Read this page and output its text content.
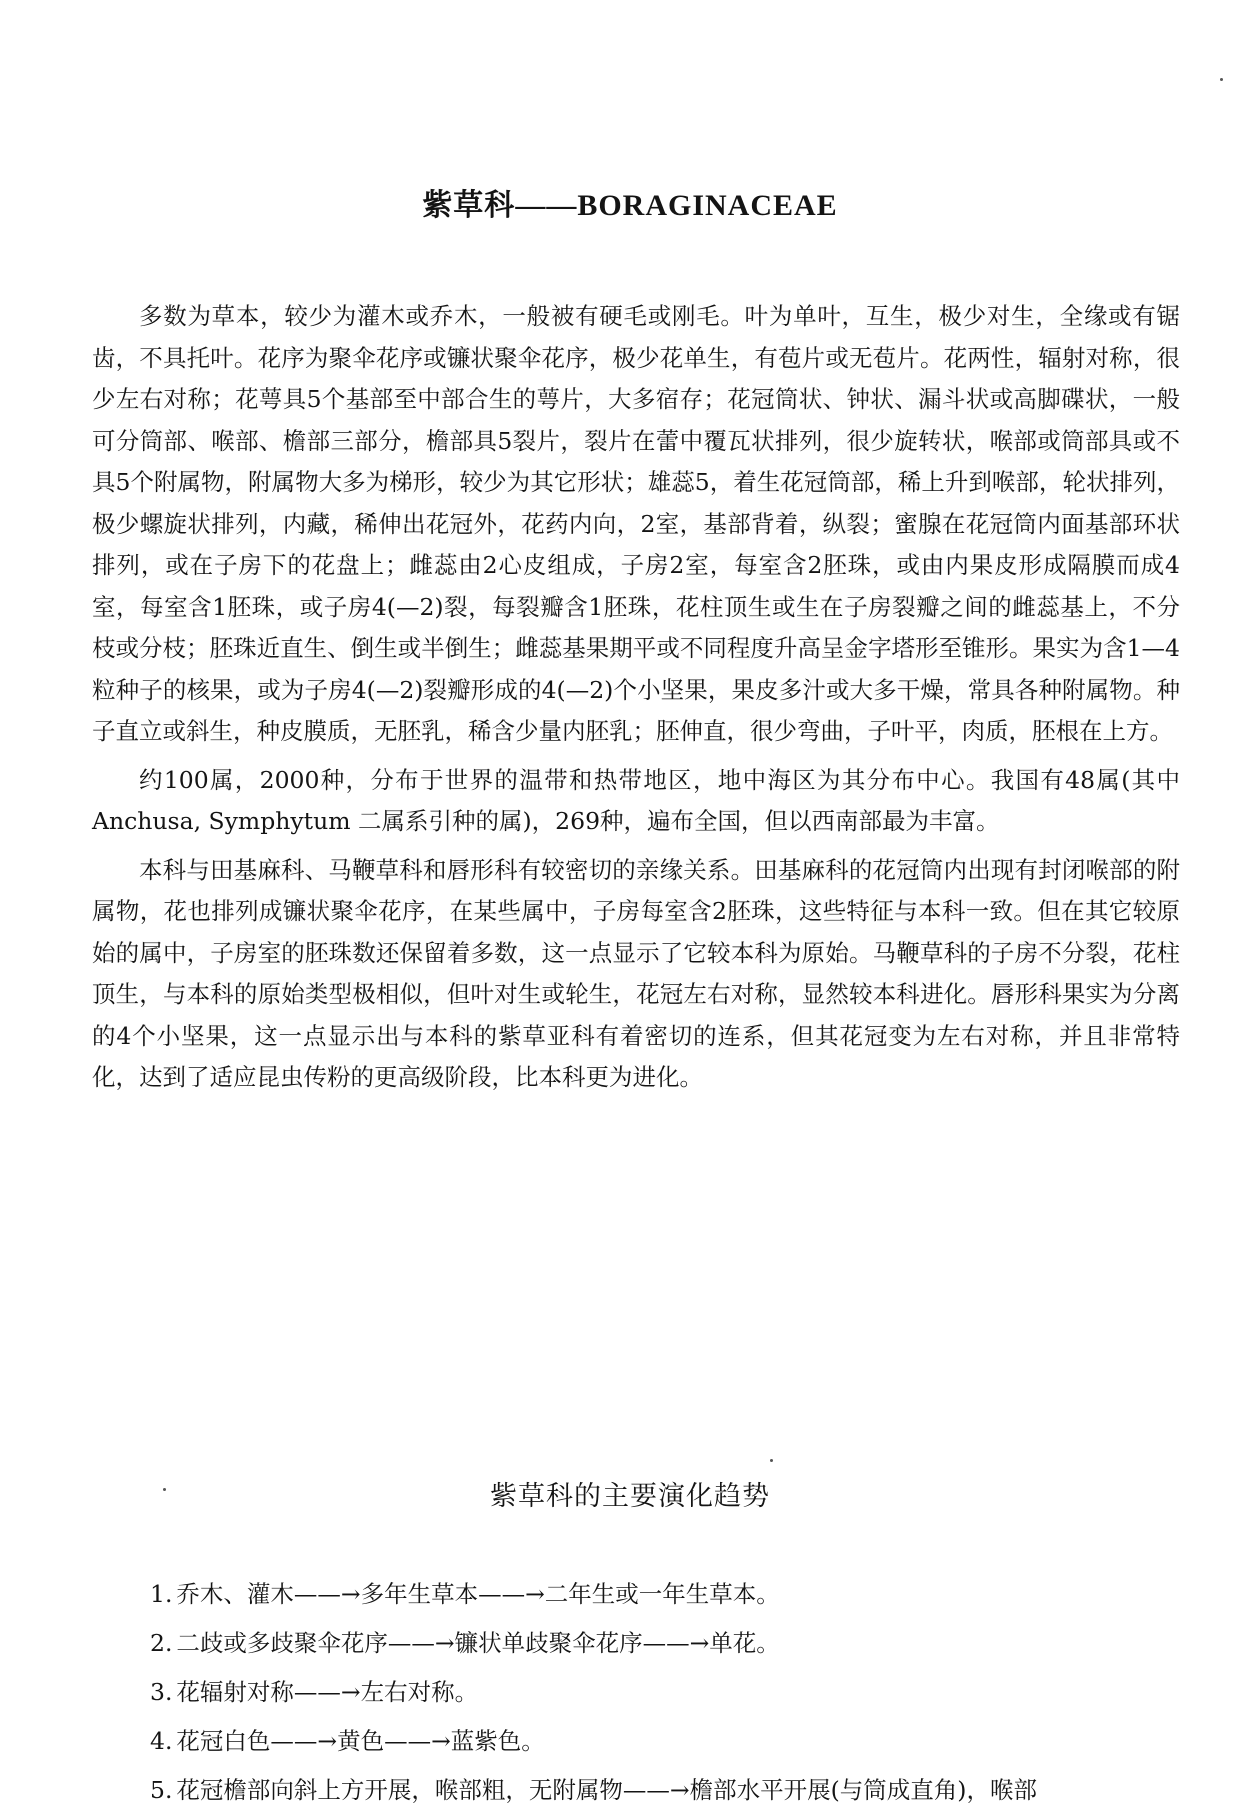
紫草科——BORAGINACEAE

多数为草本，较少为灌木或乔木，一般被有硬毛或刚毛。叶为单叶，互生，极少对生，全缘或有锯齿，不具托叶。花序为聚伞花序或镰状聚伞花序，极少花单生，有苞片或无苞片。花两性，辐射对称，很少左右对称；花萼具5个基部至中部合生的萼片，大多宿存；花冠筒状、钟状、漏斗状或高脚碟状，一般可分筒部、喉部、檐部三部分，檐部具5裂片，裂片在蕾中覆瓦状排列，很少旋转状，喉部或筒部具或不具5个附属物，附属物大多为梯形，较少为其它形状；雄蕊5，着生花冠筒部，稀上升到喉部，轮状排列，极少螺旋状排列，内藏，稀伸出花冠外，花药内向，2室，基部背着，纵裂；蜜腺在花冠筒内面基部环状排列，或在子房下的花盘上；雌蕊由2心皮组成，子房2室，每室含2胚珠，或由内果皮形成隔膜而成4室，每室含1胚珠，或子房4(—2)裂，每裂瓣含1胚珠，花柱顶生或生在子房裂瓣之间的雌蕊基上，不分枝或分枝；胚珠近直生、倒生或半倒生；雌蕊基果期平或不同程度升高呈金字塔形至锥形。果实为含1—4粒种子的核果，或为子房4(—2)裂瓣形成的4(—2)个小坚果，果皮多汁或大多干燥，常具各种附属物。种子直立或斜生，种皮膜质，无胚乳，稀含少量内胚乳；胚伸直，很少弯曲，子叶平，肉质，胚根在上方。

约100属，2000种，分布于世界的温带和热带地区，地中海区为其分布中心。我国有48属(其中 Anchusa, Symphytum 二属系引种的属)，269种，遍布全国，但以西南部最为丰富。

本科与田基麻科、马鞭草科和唇形科有较密切的亲缘关系。田基麻科的花冠筒内出现有封闭喉部的附属物，花也排列成镰状聚伞花序，在某些属中，子房每室含2胚珠，这些特征与本科一致。但在其它较原始的属中，子房室的胚珠数还保留着多数，这一点显示了它较本科为原始。马鞭草科的子房不分裂，花柱顶生，与本科的原始类型极相似，但叶对生或轮生，花冠左右对称，显然较本科进化。唇形科果实为分离的4个小坚果，这一点显示出与本科的紫草亚科有着密切的连系，但其花冠变为左右对称，并且非常特化，达到了适应昆虫传粉的更高级阶段，比本科更为进化。

紫草科的主要演化趋势
1. 乔木、灌木——→多年生草本——→二年生或一年生草本。
2. 二歧或多歧聚伞花序——→镰状单歧聚伞花序——→单花。
3. 花辐射对称——→左右对称。
4. 花冠白色——→黄色——→蓝紫色。
5. 花冠檐部向斜上方开展，喉部粗，无附属物——→檐部水平开展(与筒成直角)，喉部
